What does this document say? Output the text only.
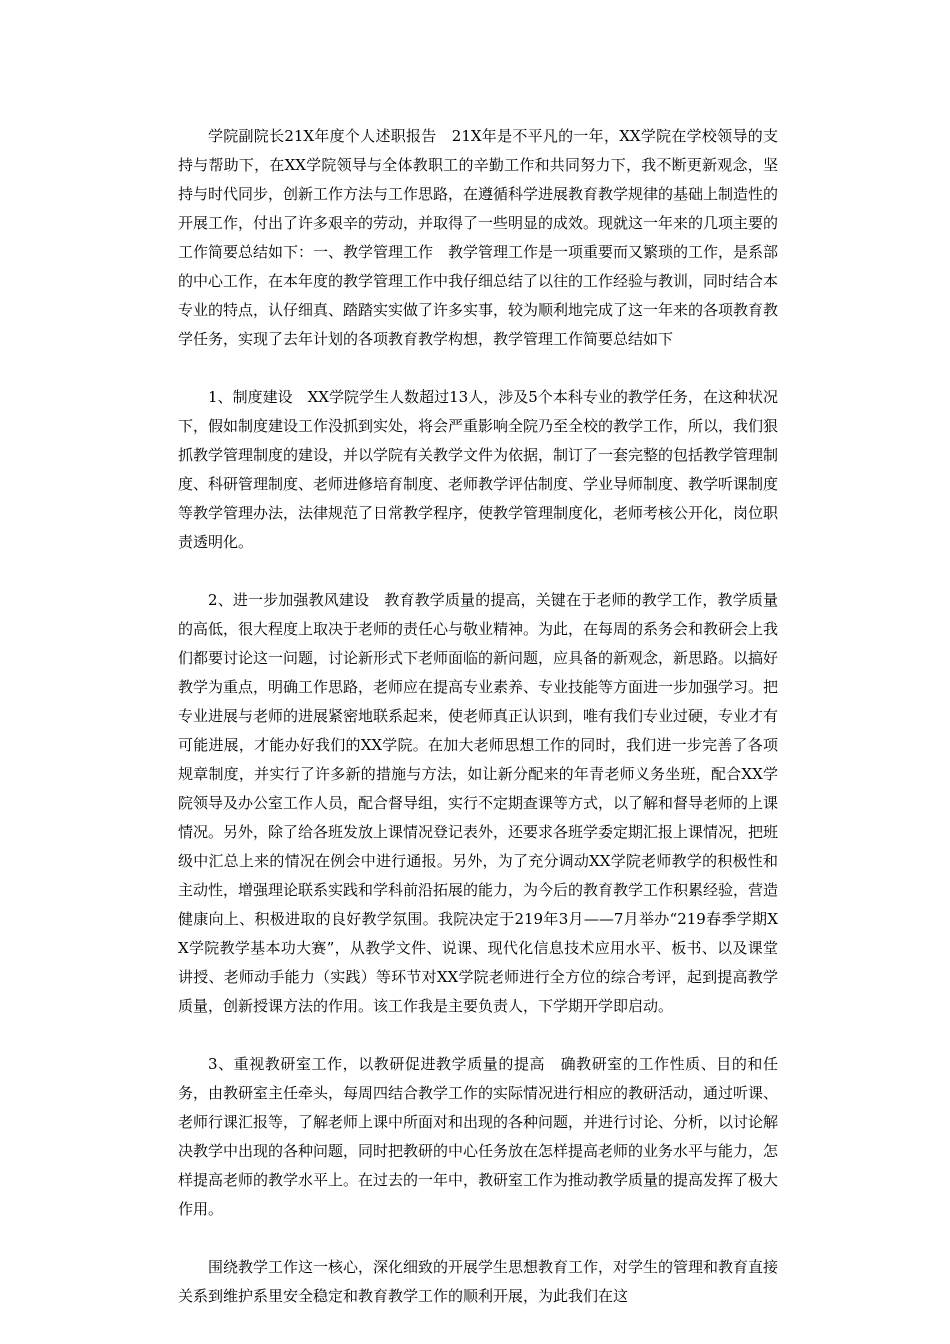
学院副院长21X年度个人述职报告　21X年是不平凡的一年，XX学院在学校领导的支持与帮助下，在XX学院领导与全体教职工的辛勤工作和共同努力下，我不断更新观念，坚持与时代同步，创新工作方法与工作思路，在遵循科学进展教育教学规律的基础上制造性的开展工作，付出了许多艰辛的劳动，并取得了一些明显的成效。现就这一年来的几项主要的工作简要总结如下：一、教学管理工作　教学管理工作是一项重要而又繁琐的工作，是系部的中心工作，在本年度的教学管理工作中我仔细总结了以往的工作经验与教训，同时结合本专业的特点，认仔细真、踏踏实实做了许多实事，较为顺利地完成了这一年来的各项教育教学任务，实现了去年计划的各项教育教学构想，教学管理工作简要总结如下

1、制度建设　XX学院学生人数超过13人，涉及5个本科专业的教学任务，在这种状况下，假如制度建设工作没抓到实处，将会严重影响全院乃至全校的教学工作，所以，我们狠抓教学管理制度的建设，并以学院有关教学文件为依据，制订了一套完整的包括教学管理制度、科研管理制度、老师进修培育制度、老师教学评估制度、学业导师制度、教学听课制度等教学管理办法，法律规范了日常教学程序，使教学管理制度化，老师考核公开化，岗位职责透明化。

2、进一步加强教风建设　教育教学质量的提高，关键在于老师的教学工作，教学质量的高低，很大程度上取决于老师的责任心与敬业精神。为此，在每周的系务会和教研会上我们都要讨论这一问题，讨论新形式下老师面临的新问题，应具备的新观念，新思路。以搞好教学为重点，明确工作思路，老师应在提高专业素养、专业技能等方面进一步加强学习。把专业进展与老师的进展紧密地联系起来，使老师真正认识到，唯有我们专业过硬，专业才有可能进展，才能办好我们的XX学院。在加大老师思想工作的同时，我们进一步完善了各项规章制度，并实行了许多新的措施与方法，如让新分配来的年青老师义务坐班，配合XX学院领导及办公室工作人员，配合督导组，实行不定期查课等方式，以了解和督导老师的上课情况。另外，除了给各班发放上课情况登记表外，还要求各班学委定期汇报上课情况，把班级中汇总上来的情况在例会中进行通报。另外，为了充分调动XX学院老师教学的积极性和主动性，增强理论联系实践和学科前沿拓展的能力，为今后的教育教学工作积累经验，营造健康向上、积极进取的良好教学氛围。我院决定于219年3月——7月举办“219春季学期XX学院教学基本功大赛”，从教学文件、说课、现代化信息技术应用水平、板书、以及课堂讲授、老师动手能力（实践）等环节对XX学院老师进行全方位的综合考评，起到提高教学质量，创新授课方法的作用。该工作我是主要负责人，下学期开学即启动。

3、重视教研室工作，以教研促进教学质量的提高　确教研室的工作性质、目的和任务，由教研室主任牵头，每周四结合教学工作的实际情况进行相应的教研活动，通过听课、老师行课汇报等，了解老师上课中所面对和出现的各种问题，并进行讨论、分析，以讨论解决教学中出现的各种问题，同时把教研的中心任务放在怎样提高老师的业务水平与能力，怎样提高老师的教学水平上。在过去的一年中，教研室工作为推动教学质量的提高发挥了极大作用。

围绕教学工作这一核心，深化细致的开展学生思想教育工作，对学生的管理和教育直接关系到维护系里安全稳定和教育教学工作的顺利开展，为此我们在这
